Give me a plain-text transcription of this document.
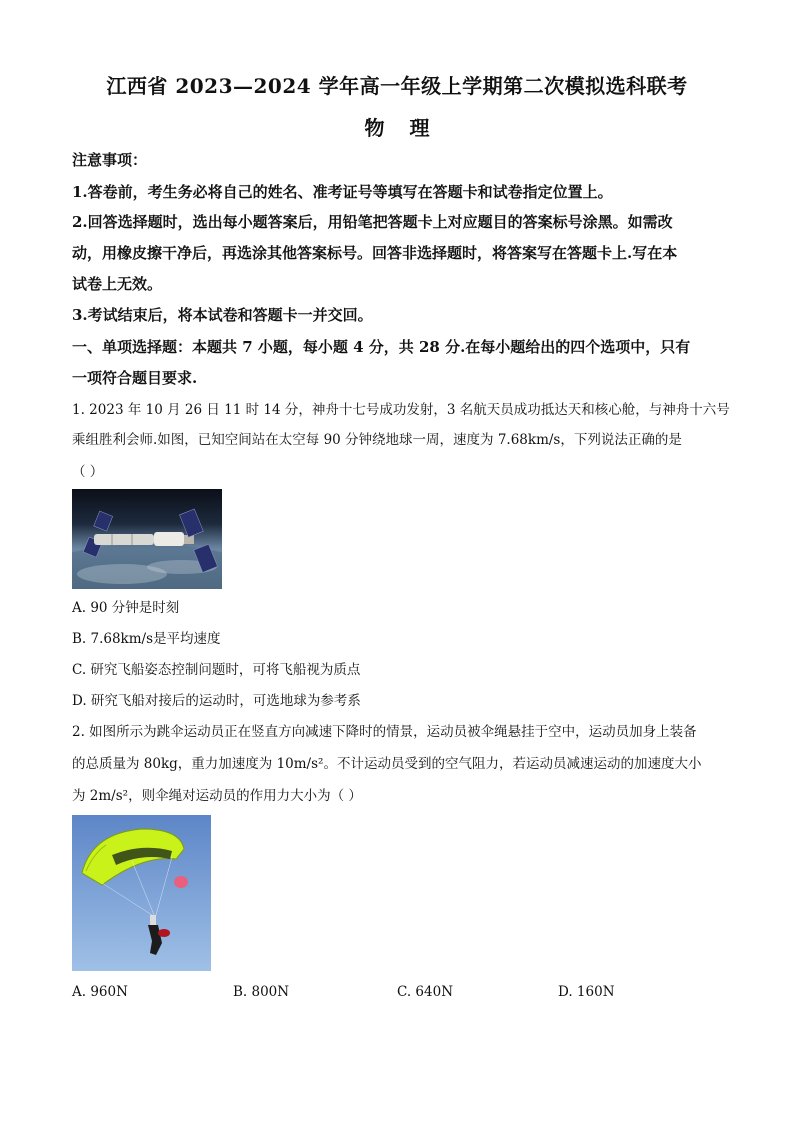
江西省 2023—2024 学年高一年级上学期第二次模拟选科联考
物 理
注意事项：
1.答卷前，考生务必将自己的姓名、准考证号等填写在答题卡和试卷指定位置上。
2.回答选择题时，选出每小题答案后，用铅笔把答题卡上对应题目的答案标号涂黑。如需改
动，用橡皮擦干净后，再选涂其他答案标号。回答非选择题时，将答案写在答题卡上.写在本
试卷上无效。
3.考试结束后，将本试卷和答题卡一并交回。
一、单项选择题：本题共 7 小题，每小题 4 分，共 28 分.在每小题给出的四个选项中，只有
一项符合题目要求.
1. 2023 年 10 月 26 日 11 时 14 分，神舟十七号成功发射，3 名航天员成功抵达天和核心舱，与神舟十六号
乘组胜利会师.如图，已知空间站在太空每 90 分钟绕地球一周，速度为 7.68km/s，下列说法正确的是
（ ）
A. 90 分钟是时刻
B. 7.68km/s是平均速度
C. 研究飞船姿态控制问题时，可将飞船视为质点
D. 研究飞船对接后的运动时，可选地球为参考系
2. 如图所示为跳伞运动员正在竖直方向减速下降时的情景，运动员被伞绳悬挂于空中，运动员加身上装备
的总质量为 80kg，重力加速度为 10m/s²。不计运动员受到的空气阻力，若运动员减速运动的加速度大小
为 2m/s²，则伞绳对运动员的作用力大小为（ ）
A. 960N	B. 800N	C. 640N	D. 160N
